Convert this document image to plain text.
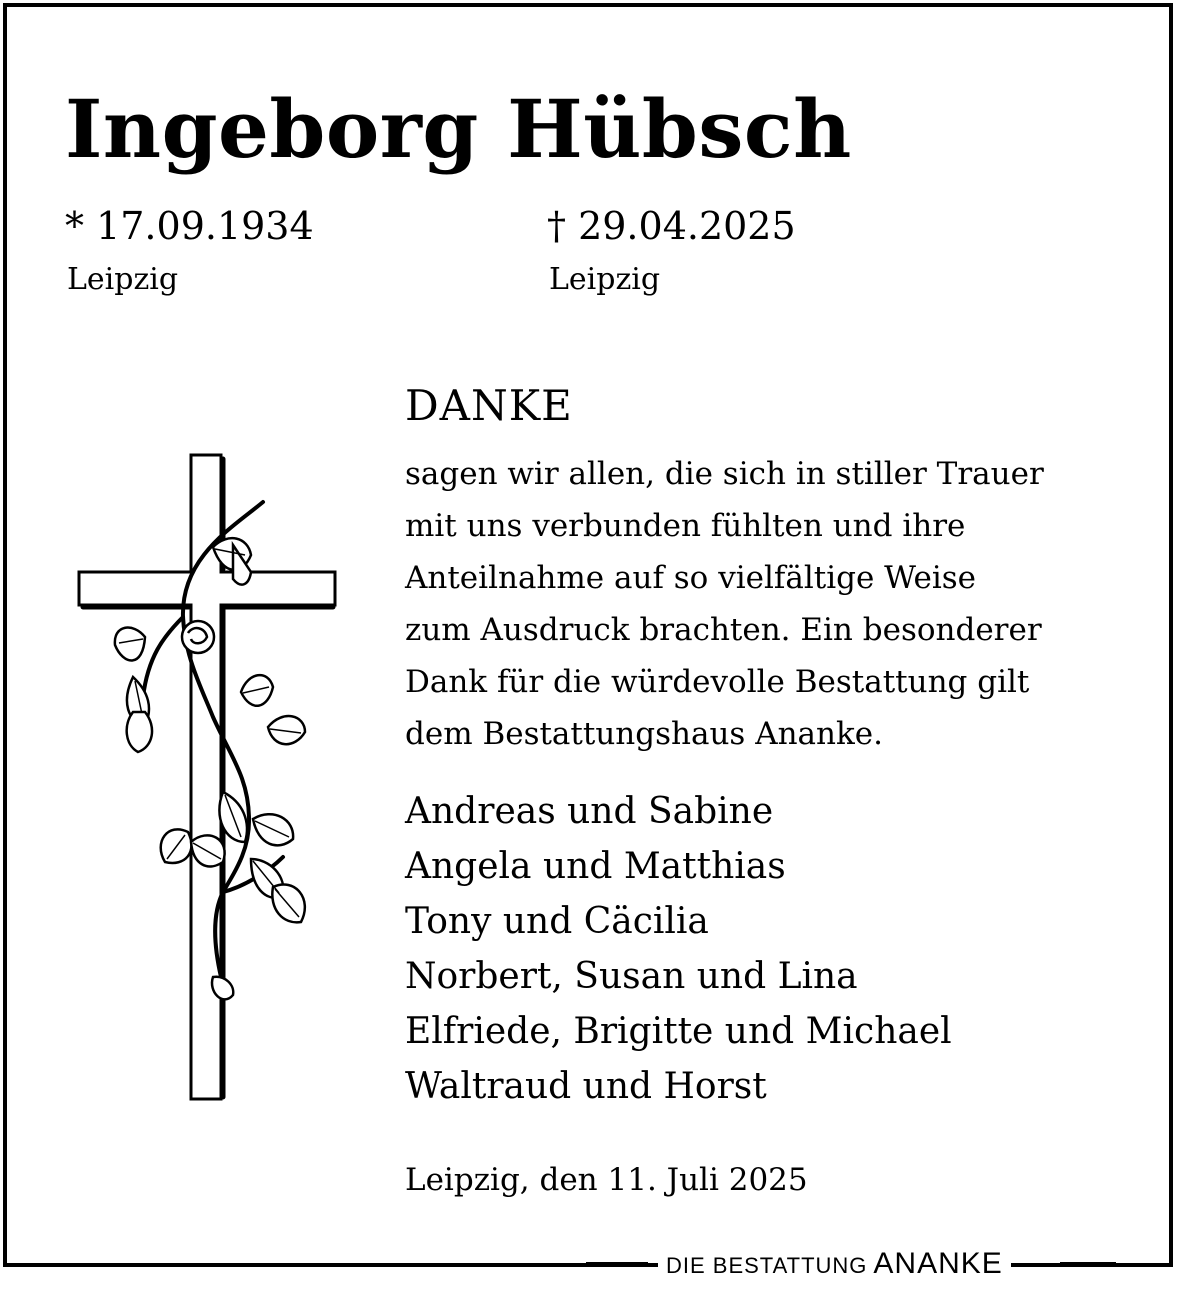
Ingeborg Hübsch
* 17.09.1934
Leipzig
† 29.04.2025
Leipzig
DANKE
sagen wir allen, die sich in stiller Trauer
mit uns verbunden fühlten und ihre
Anteilnahme auf so vielfältige Weise
zum Ausdruck brachten. Ein besonderer
Dank für die würdevolle Bestattung gilt
dem Bestattungshaus Ananke.
Andreas und Sabine
Angela und Matthias
Tony und Cäcilia
Norbert, Susan und Lina
Elfriede, Brigitte und Michael
Waltraud und Horst
Leipzig, den 11. Juli 2025
DIE BESTATTUNG ANANKE
